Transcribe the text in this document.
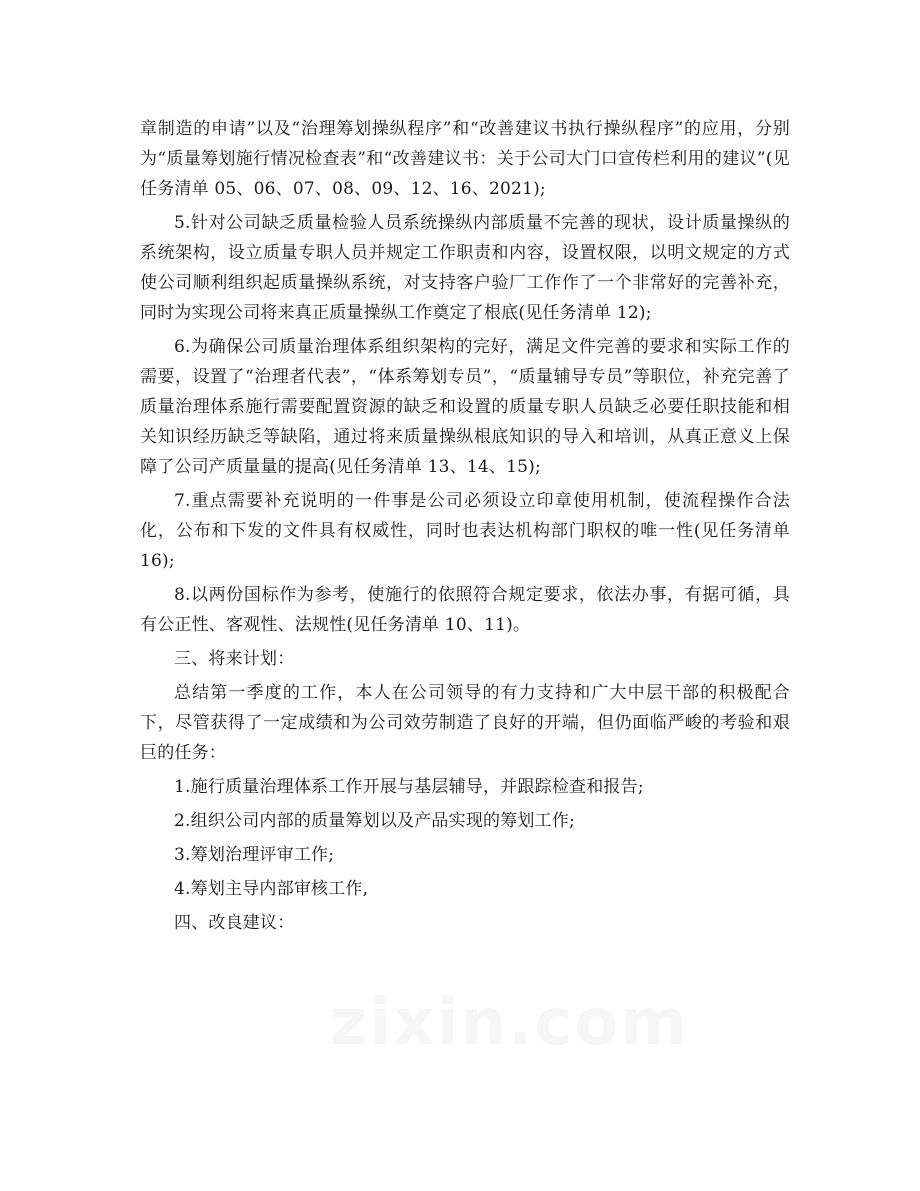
章制造的申请”以及“治理筹划操纵程序”和“改善建议书执行操纵程序”的应用，分别为“质量筹划施行情况检查表”和“改善建议书：关于公司大门口宣传栏利用的建议”(见任务清单 05、06、07、08、09、12、16、2021);

5.针对公司缺乏质量检验人员系统操纵内部质量不完善的现状，设计质量操纵的系统架构，设立质量专职人员并规定工作职责和内容，设置权限，以明文规定的方式使公司顺利组织起质量操纵系统，对支持客户验厂工作作了一个非常好的完善补充，同时为实现公司将来真正质量操纵工作奠定了根底(见任务清单 12);

6.为确保公司质量治理体系组织架构的完好，满足文件完善的要求和实际工作的需要，设置了“治理者代表”，“体系筹划专员”，“质量辅导专员”等职位，补充完善了质量治理体系施行需要配置资源的缺乏和设置的质量专职人员缺乏必要任职技能和相关知识经历缺乏等缺陷，通过将来质量操纵根底知识的导入和培训，从真正意义上保障了公司产质量量的提高(见任务清单 13、14、15);

7.重点需要补充说明的一件事是公司必须设立印章使用机制，使流程操作合法化，公布和下发的文件具有权威性，同时也表达机构部门职权的唯一性(见任务清单 16);

8.以两份国标作为参考，使施行的依照符合规定要求，依法办事，有据可循，具有公正性、客观性、法规性(见任务清单 10、11)。

三、将来计划：

总结第一季度的工作，本人在公司领导的有力支持和广大中层干部的积极配合下，尽管获得了一定成绩和为公司效劳制造了良好的开端，但仍面临严峻的考验和艰巨的任务：

1.施行质量治理体系工作开展与基层辅导，并跟踪检查和报告;

2.组织公司内部的质量筹划以及产品实现的筹划工作;

3.筹划治理评审工作;

4.筹划主导内部审核工作,

四、改良建议：
